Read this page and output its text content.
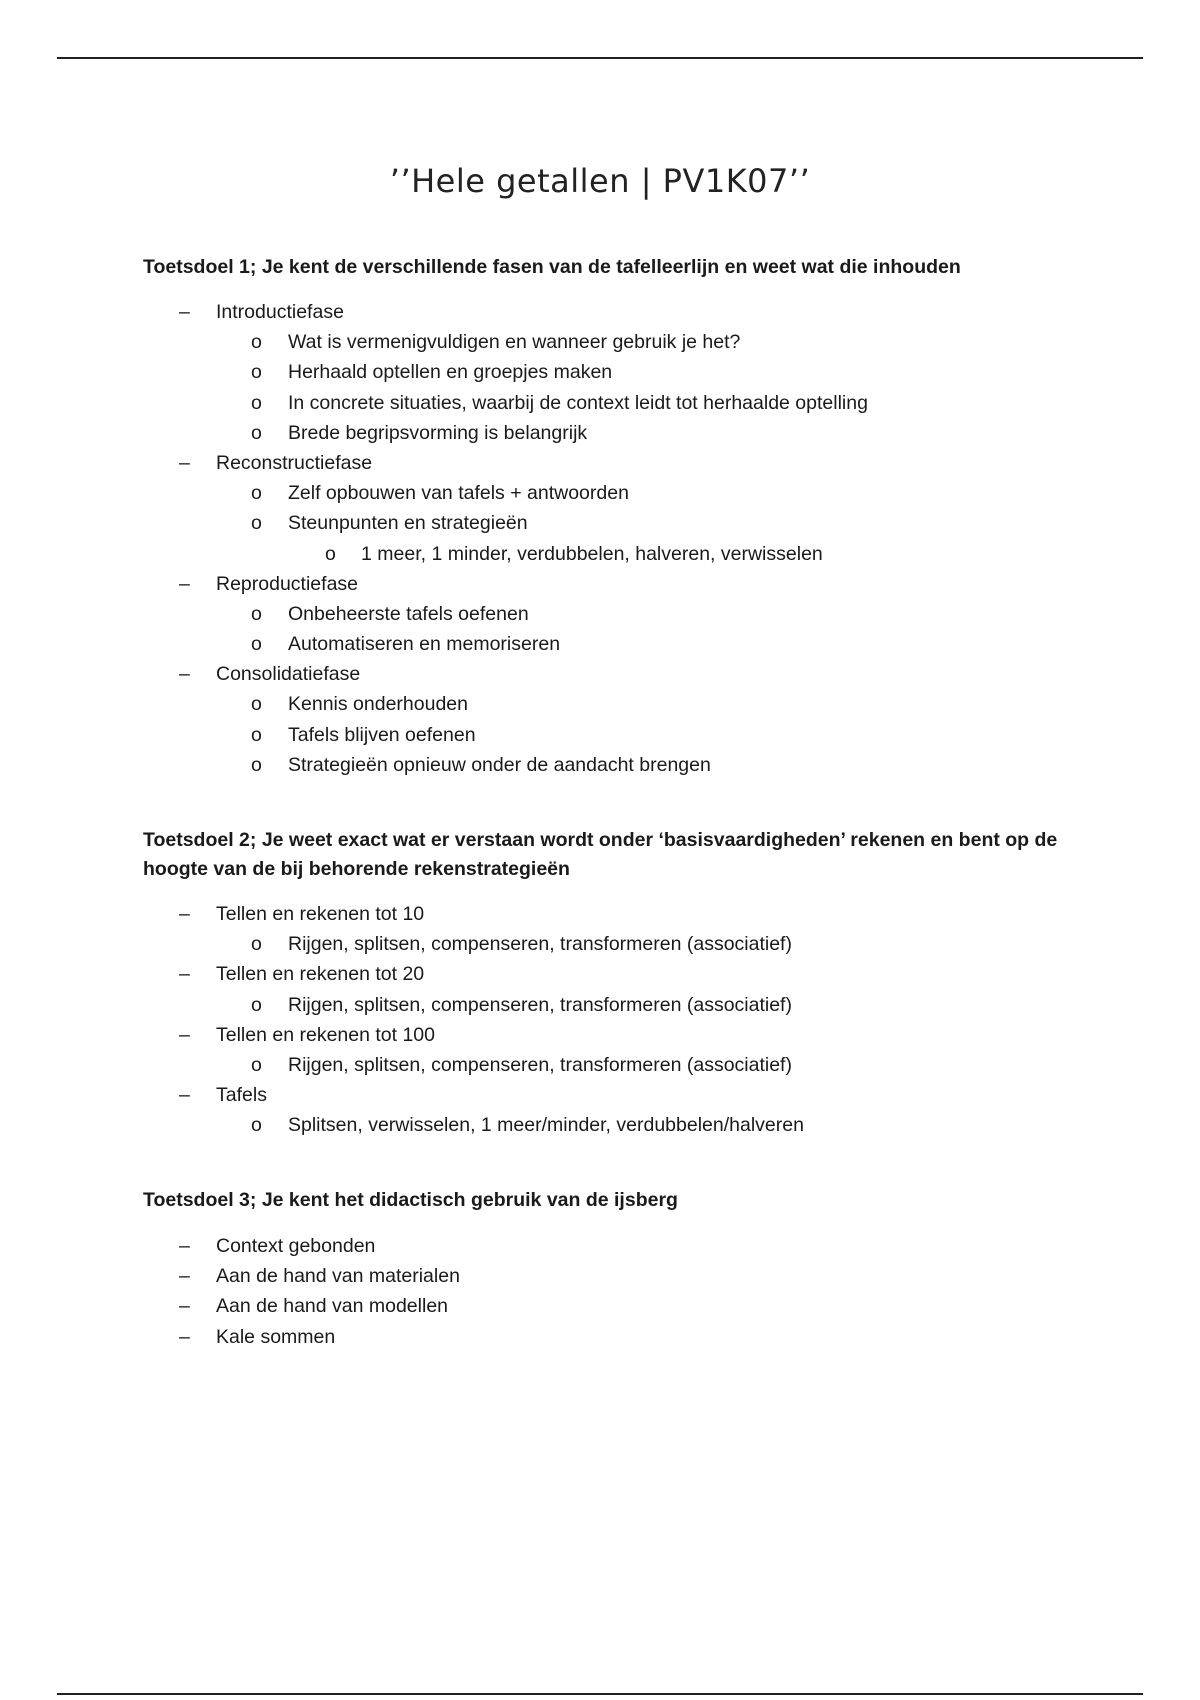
’’Hele getallen | PV1K07’’
Toetsdoel 1; Je kent de verschillende fasen van de tafelleerlijn en weet wat die inhouden
– Introductiefase
o Wat is vermenigvuldigen en wanneer gebruik je het?
o Herhaald optellen en groepjes maken
o In concrete situaties, waarbij de context leidt tot herhaalde optelling
o Brede begripsvorming is belangrijk
– Reconstructiefase
o Zelf opbouwen van tafels + antwoorden
o Steunpunten en strategieën
o 1 meer, 1 minder, verdubbelen, halveren, verwisselen
– Reproductiefase
o Onbeheerste tafels oefenen
o Automatiseren en memoriseren
– Consolidatiefase
o Kennis onderhouden
o Tafels blijven oefenen
o Strategieën opnieuw onder de aandacht brengen
Toetsdoel 2; Je weet exact wat er verstaan wordt onder ‘basisvaardigheden’ rekenen en bent op de hoogte van de bij behorende rekenstrategieën
– Tellen en rekenen tot 10
o Rijgen, splitsen, compenseren, transformeren (associatief)
– Tellen en rekenen tot 20
o Rijgen, splitsen, compenseren, transformeren (associatief)
– Tellen en rekenen tot 100
o Rijgen, splitsen, compenseren, transformeren (associatief)
– Tafels
o Splitsen, verwisselen, 1 meer/minder, verdubbelen/halveren
Toetsdoel 3; Je kent het didactisch gebruik van de ijsberg
– Context gebonden
– Aan de hand van materialen
– Aan de hand van modellen
– Kale sommen
